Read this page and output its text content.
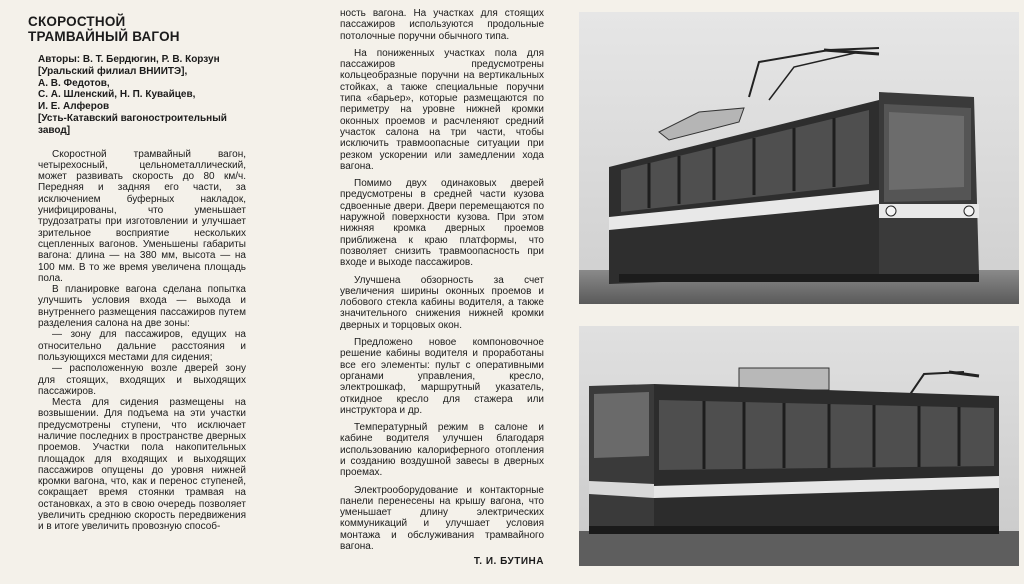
СКОРОСТНОЙ
ТРАМВАЙНЫЙ ВАГОН
Авторы: В. Т. Бердюгин, Р. В. Корзун
[Уральский филиал ВНИИТЭ],
А. В. Федотов,
С. А. Шленский, Н. П. Кувайцев,
И. Е. Алферов
[Усть-Катавский вагоностроительный
завод]

Скоростной трамвайный вагон, четырехосный, цельнометаллический, может развивать скорость до 80 км/ч. Передняя и задняя его части, за исключением буферных накладок, унифицированы, что уменьшает трудозатраты при изготовлении и улучшает зрительное восприятие нескольких сцепленных вагонов. Уменьшены габариты вагона: длина — на 380 мм, высота — на 100 мм. В то же время увеличена площадь пола.

В планировке вагона сделана попытка улучшить условия входа — выхода и внутреннего размещения пассажиров путем разделения салона на две зоны:

— зону для пассажиров, едущих на относительно дальние расстояния и пользующихся местами для сидения;

— расположенную возле дверей зону для стоящих, входящих и выходящих пассажиров.

Места для сидения размещены на возвышении. Для подъема на эти участки предусмотрены ступени, что исключает наличие последних в пространстве дверных проемов. Участки пола накопительных площадок для входящих и выходящих пассажиров опущены до уровня нижней кромки вагона, что, как и перенос ступеней, сокращает время стоянки трамвая на остановках, а это в свою очередь позволяет увеличить среднюю скорость передвижения и в итоге увеличить провозную способ-

ность вагона. На участках для стоящих пассажиров используются продольные потолочные поручни обычного типа.

На пониженных участках пола для пассажиров предусмотрены кольцеобразные поручни на вертикальных стойках, а также специальные поручни типа «барьер», которые размещаются по периметру на уровне нижней кромки оконных проемов и расчленяют средний участок салона на три части, чтобы исключить травмоопасные ситуации при резком ускорении или замедлении хода вагона.

Помимо двух одинаковых дверей предусмотрены в средней части кузова сдвоенные двери. Двери перемещаются по наружной поверхности кузова. При этом нижняя кромка дверных проемов приближена к краю платформы, что позволяет снизить травмоопасность при входе и выходе пассажиров.

Улучшена обзорность за счет увеличения ширины оконных проемов и лобового стекла кабины водителя, а также значительного снижения нижней кромки дверных и торцовых окон.

Предложено новое компоновочное решение кабины водителя и проработаны все его элементы: пульт с оперативными органами управления, кресло, электрошкаф, маршрутный указатель, откидное кресло для стажера или инструктора и др.

Температурный режим в салоне и кабине водителя улучшен благодаря использованию калориферного отопления и созданию воздушной завесы в дверных проемах.

Электрооборудование и контакторные панели перенесены на крышу вагона, что уменьшает длину электрических коммуникаций и улучшает условия монтажа и обслуживания трамвайного вагона.

Т. И. БУТИНА
